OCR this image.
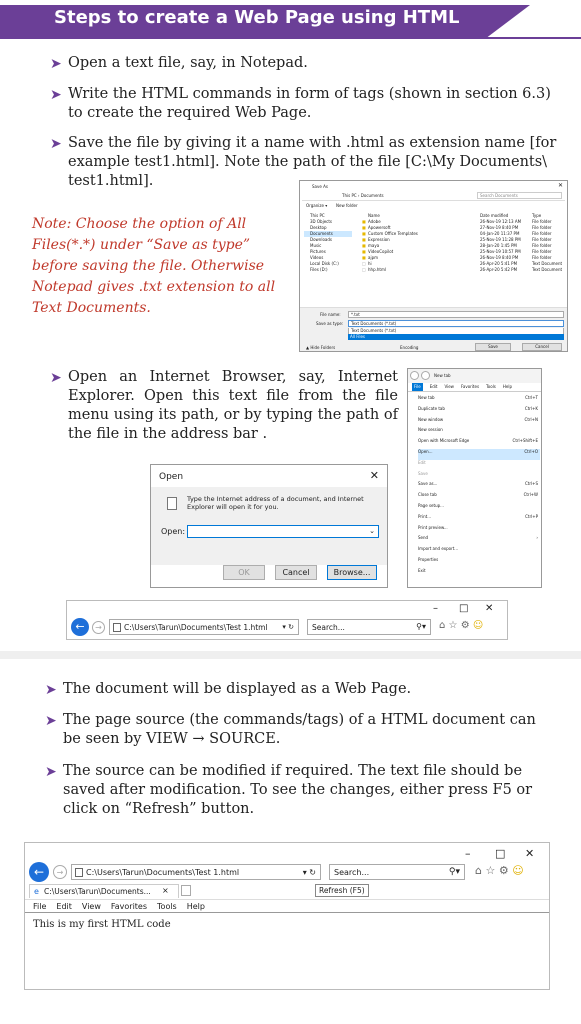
Steps to create a Web Page using HTML
➤ Open a text file, say, in Notepad.
➤ Write the HTML commands in form of tags (shown in section 6.3) to create the required Web Page.
➤ Save the file by giving it a name with .html as extension name [for example test1.html]. Note the path of the file [C:\My Documents\ test1.html].
Note: Choose the option of All Files(*.*) under “Save as type” before saving the file. Otherwise Notepad gives .txt extension to all Text Documents.
Save As	✕
This PC › Documents	Search Documents
Organize ▾ New folder
This PC
3D Objects
Desktop
Documents
Downloads
Music
Pictures
Videos
Local Disk (C:)
Files (D:)
Name	Date modified	Type
■ Adobe	26-Nov-19 12:13 AM	File folder
■ Apowersoft	27-Nov-19 8:40 PM	File folder
■ Custom Office Templates	04-Jan-20 11:37 PM	File folder
■ Expression	25-Nov-19 11:28 PM	File folder
■ maya	28-Jan-20 1:45 PM	File folder
■ VideoCopilot	25-Nov-19 10:57 PM	File folder
■ ajpm	26-Nov-19 8:40 PM	File folder
□ hi	26-Apr-20 5:41 PM	Text Document
□ hhp.html	26-Apr-20 5:42 PM	Text Document
File name:	*.txt
Save as type:	Text Documents (*.txt)
Text Documents (*.txt)
All Files
▲ Hide Folders	Encoding	Save	Cancel
➤ Open an Internet Browser, say, Internet Explorer. Open this text file from the file menu using its path, or by typing the path of the file in the address bar .
New tab
File	Edit View Favorites Tools Help
New tab	Ctrl+T
Duplicate tab	Ctrl+K
New window	Ctrl+N
New session
Open with Microsoft Edge	Ctrl+Shift+E
Open...	Ctrl+O
Edit
Save
Save as...	Ctrl+S
Close tab	Ctrl+W
Page setup...
Print...	Ctrl+P
Print preview...
Send	›
Import and export...
Properties
Exit
Open	✕
Type the Internet address of a document, and Internet Explorer will open it for you.
Open:	⌄
OK	Cancel	Browse...
– □ ✕
←	→	C:\Users\Tarun\Documents\Test 1.html ▾ ↻ Search...	⚲▾ ⌂ ☆ ⚙ ☺
➤ The document will be displayed as a Web Page.
➤ The page source (the commands/tags) of a HTML document can be seen by VIEW → SOURCE.
➤ The source can be modified if required. The text file should be saved after modification. To see the changes, either press F5 or click on “Refresh” button.
– □ ✕
←	→	C:\Users\Tarun\Documents\Test 1.html	▾ ↻ Search...	⚲▾ ⌂ ☆ ⚙ ☺
e C:\Users\Tarun\Documents... ×	Refresh (F5)
File Edit View Favorites Tools Help
This is my first HTML code
